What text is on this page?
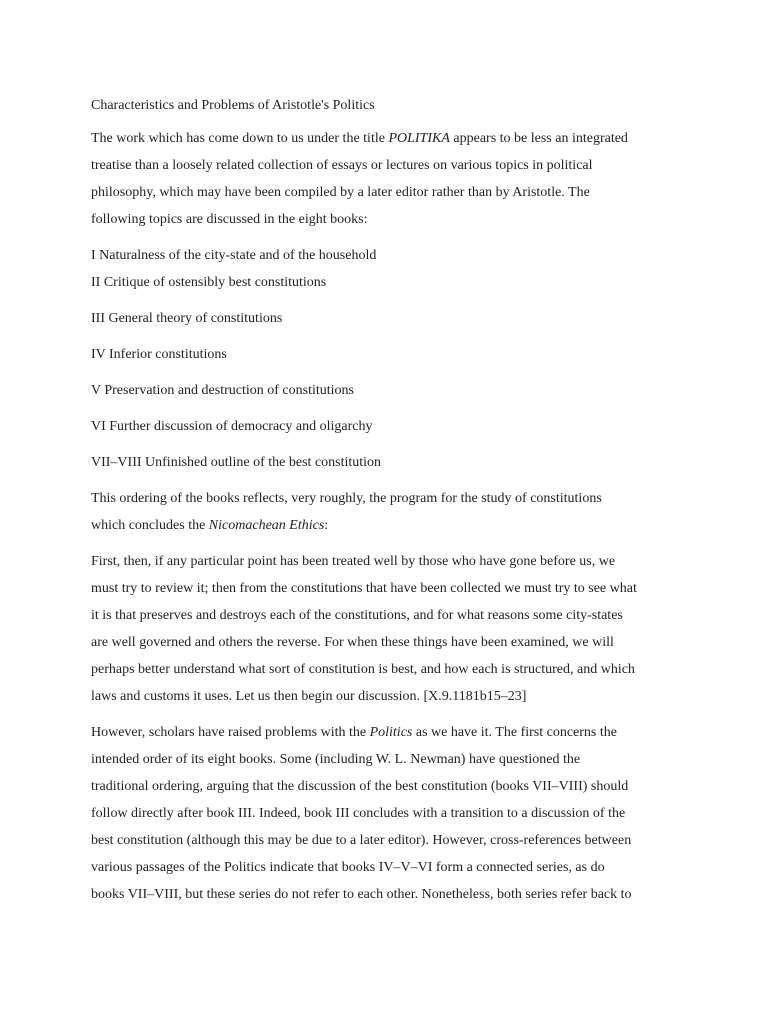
Characteristics and Problems of Aristotle's Politics
The work which has come down to us under the title POLITIKA appears to be less an integrated
treatise than a loosely related collection of essays or lectures on various topics in political
philosophy, which may have been compiled by a later editor rather than by Aristotle. The
following topics are discussed in the eight books:
I Naturalness of the city-state and of the household
II Critique of ostensibly best constitutions
III General theory of constitutions
IV Inferior constitutions
V Preservation and destruction of constitutions
VI Further discussion of democracy and oligarchy
VII–VIII Unfinished outline of the best constitution
This ordering of the books reflects, very roughly, the program for the study of constitutions
which concludes the Nicomachean Ethics:
First, then, if any particular point has been treated well by those who have gone before us, we
must try to review it; then from the constitutions that have been collected we must try to see what
it is that preserves and destroys each of the constitutions, and for what reasons some city-states
are well governed and others the reverse. For when these things have been examined, we will
perhaps better understand what sort of constitution is best, and how each is structured, and which
laws and customs it uses. Let us then begin our discussion. [X.9.1181b15–23]
However, scholars have raised problems with the Politics as we have it. The first concerns the
intended order of its eight books. Some (including W. L. Newman) have questioned the
traditional ordering, arguing that the discussion of the best constitution (books VII–VIII) should
follow directly after book III. Indeed, book III concludes with a transition to a discussion of the
best constitution (although this may be due to a later editor). However, cross-references between
various passages of the Politics indicate that books IV–V–VI form a connected series, as do
books VII–VIII, but these series do not refer to each other. Nonetheless, both series refer back to
